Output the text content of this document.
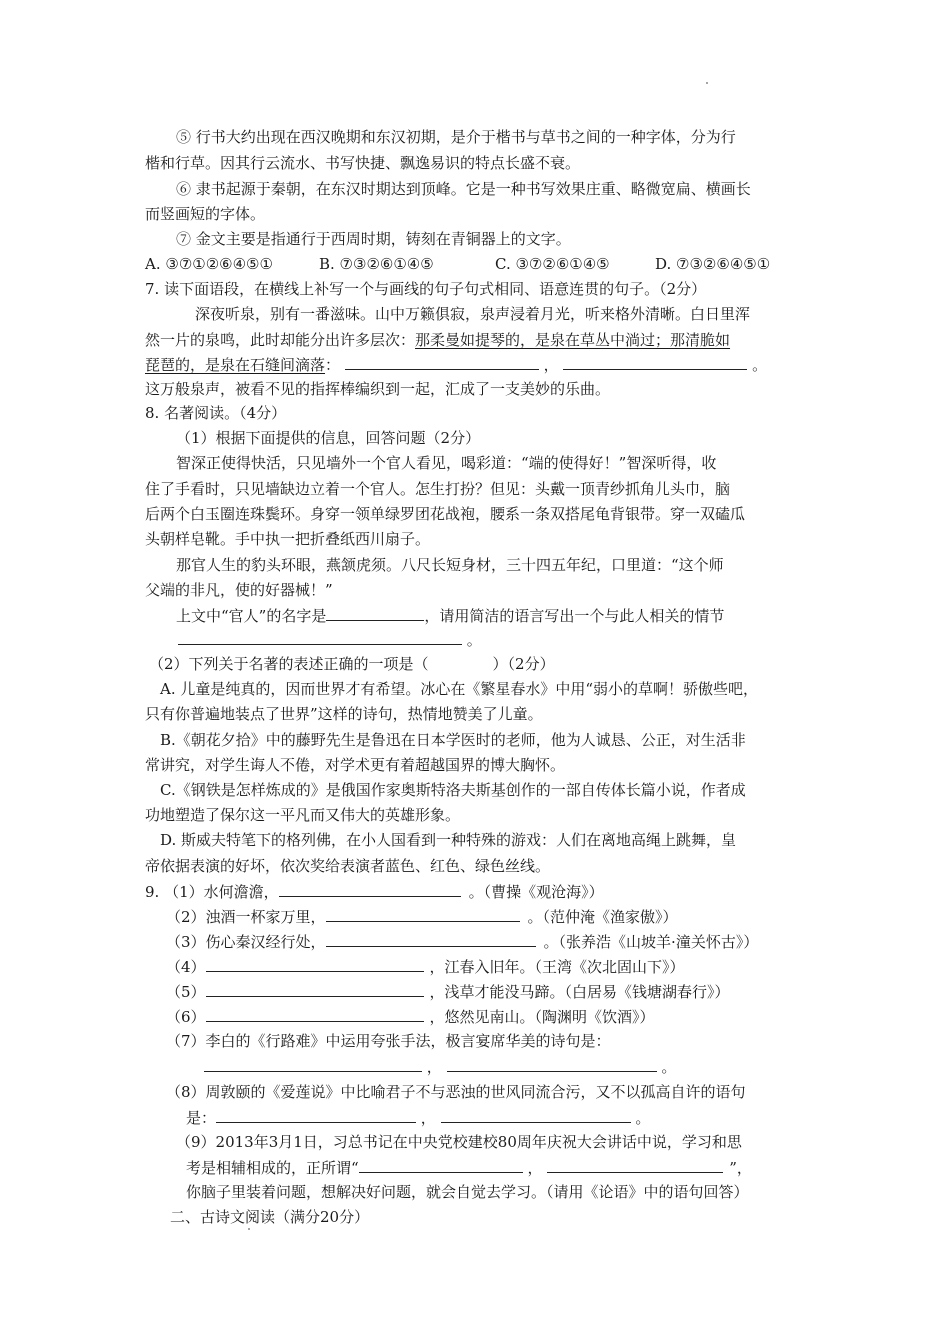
⑤ 行书大约出现在西汉晚期和东汉初期，是介于楷书与草书之间的一种字体，分为行
楷和行草。因其行云流水、书写快捷、飘逸易识的特点长盛不衰。
⑥ 隶书起源于秦朝，在东汉时期达到顶峰。它是一种书写效果庄重、略微宽扁、横画长
而竖画短的字体。
⑦ 金文主要是指通行于西周时期，铸刻在青铜器上的文字。
A. ③⑦①②⑥④⑤①	B. ⑦③②⑥①④⑤	C. ③⑦②⑥①④⑤	D. ⑦③②⑥④⑤①
7. 读下面语段，在横线上补写一个与画线的句子句式相同、语意连贯的句子。（2分）
深夜听泉，别有一番滋味。山中万籁俱寂，泉声浸着月光，听来格外清晰。白日里浑
然一片的泉鸣，此时却能分出许多层次：那柔曼如提琴的，是泉在草丛中淌过；那清脆如
琵琶的，是泉在石缝间滴落：	，	。
这万般泉声，被看不见的指挥棒编织到一起，汇成了一支美妙的乐曲。
8. 名著阅读。（4分）
（1）根据下面提供的信息，回答问题（2分）
智深正使得快活，只见墙外一个官人看见，喝彩道：“端的使得好！”智深听得，收
住了手看时，只见墙缺边立着一个官人。怎生打扮？但见：头戴一顶青纱抓角儿头巾，脑
后两个白玉圈连珠鬓环。身穿一领单绿罗团花战袍，腰系一条双搭尾龟背银带。穿一双磕瓜
头朝样皂靴。手中执一把折叠纸西川扇子。
那官人生的豹头环眼，燕颔虎须。八尺长短身材，三十四五年纪，口里道：“这个师
父端的非凡，使的好器械！”
上文中“官人”的名字是	，请用简洁的语言写出一个与此人相关的情节
。
（2）下列关于名著的表述正确的一项是（	）（2分）
A. 儿童是纯真的，因而世界才有希望。冰心在《繁星春水》中用“弱小的草啊！骄傲些吧，
只有你普遍地装点了世界”这样的诗句，热情地赞美了儿童。
B.《朝花夕拾》中的藤野先生是鲁迅在日本学医时的老师，他为人诚恳、公正，对生活非
常讲究，对学生诲人不倦，对学术更有着超越国界的博大胸怀。
C.《钢铁是怎样炼成的》是俄国作家奥斯特洛夫斯基创作的一部自传体长篇小说，作者成
功地塑造了保尔这一平凡而又伟大的英雄形象。
D. 斯威夫特笔下的格列佛，在小人国看到一种特殊的游戏：人们在离地高绳上跳舞，皇
帝依据表演的好坏，依次奖给表演者蓝色、红色、绿色丝线。
9. （1）水何澹澹，	。（曹操《观沧海》）
（2）浊酒一杯家万里，	。（范仲淹《渔家傲》）
（3）伤心秦汉经行处，	。（张养浩《山坡羊·潼关怀古》）
（4）	，江春入旧年。（王湾《次北固山下》）
（5）	，浅草才能没马蹄。（白居易《钱塘湖春行》）
（6）	，悠然见南山。（陶渊明《饮酒》）
（7）李白的《行路难》中运用夸张手法，极言宴席华美的诗句是：
，	。
（8）周敦颐的《爱莲说》中比喻君子不与恶浊的世风同流合污，又不以孤高自许的语句
是：	，	。
（9）2013年3月1日，习总书记在中央党校建校80周年庆祝大会讲话中说，学习和思
考是相辅相成的，正所谓“	，	”，
你脑子里装着问题，想解决好问题，就会自觉去学习。（请用《论语》中的语句回答）
二、古诗文阅读（满分20分）
